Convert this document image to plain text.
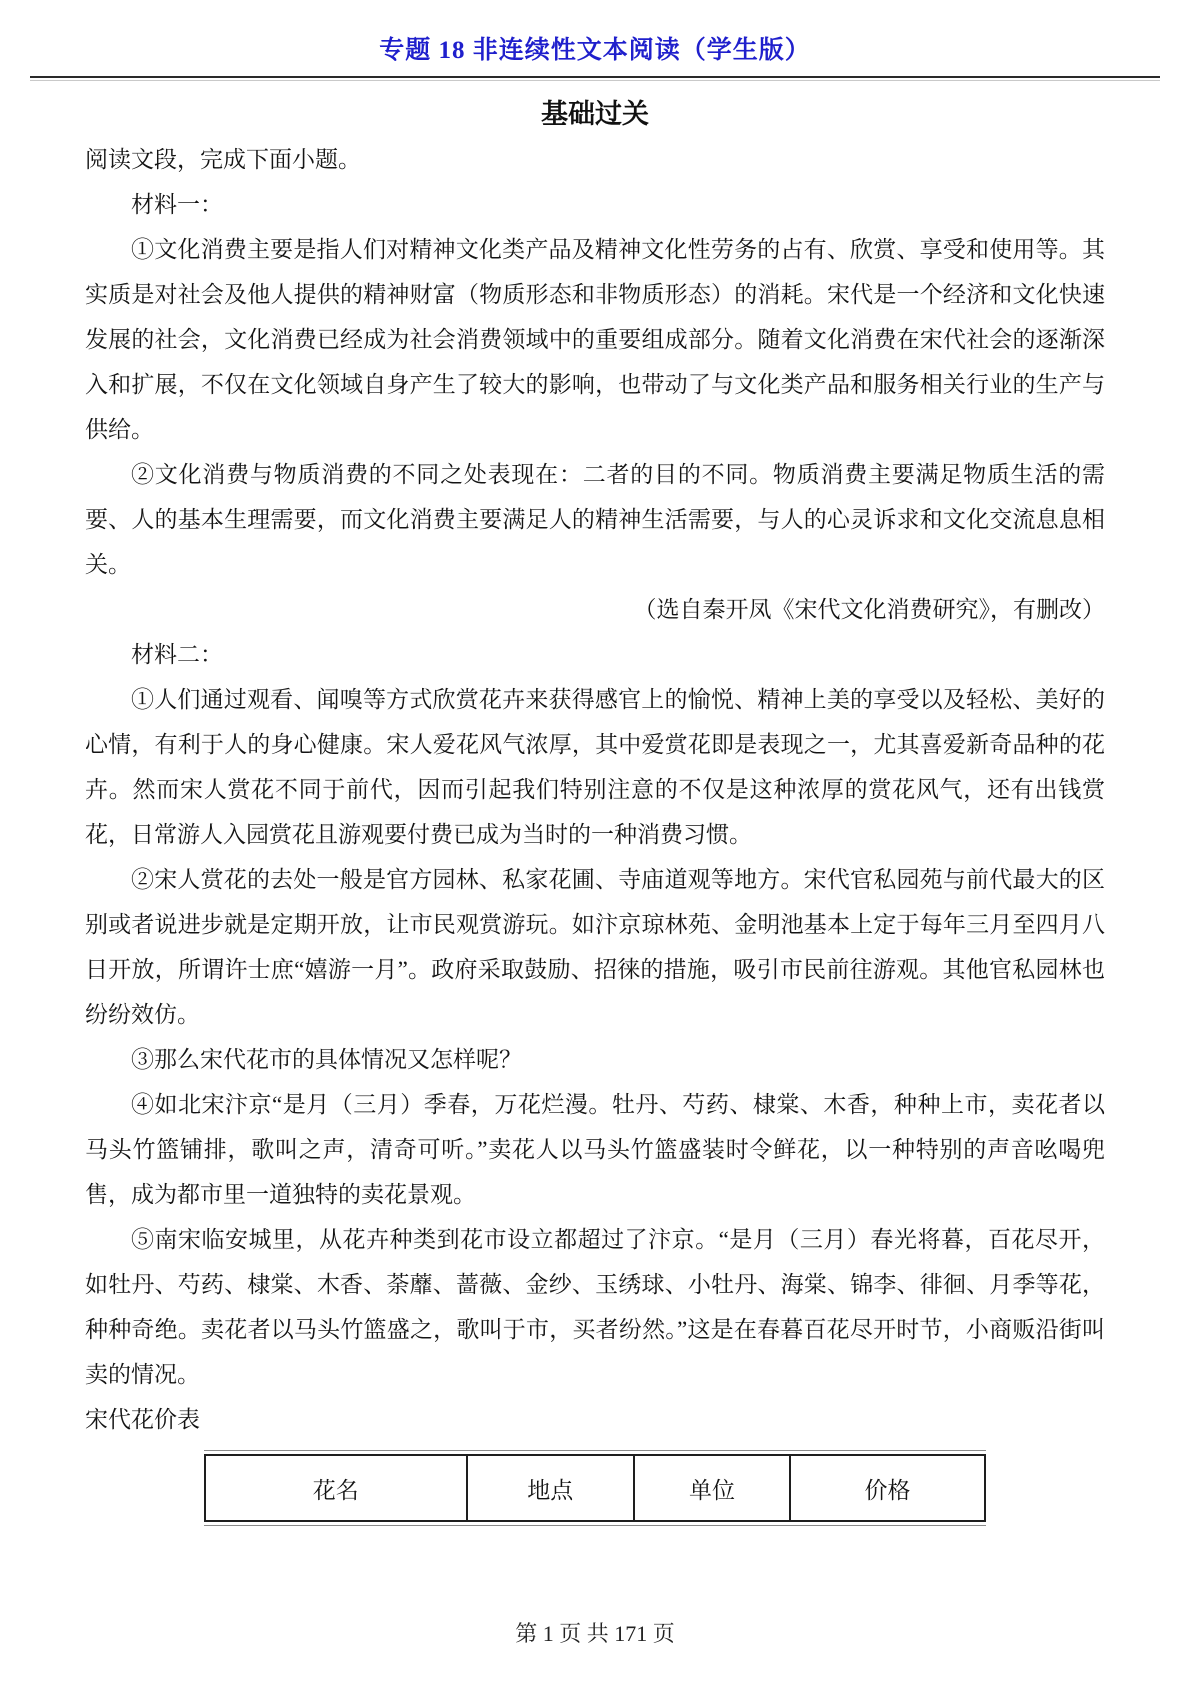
专题 18 非连续性文本阅读（学生版）
基础过关

阅读文段，完成下面小题。

材料一：

①文化消费主要是指人们对精神文化类产品及精神文化性劳务的占有、欣赏、享受和使用等。其实质是对社会及他人提供的精神财富（物质形态和非物质形态）的消耗。宋代是一个经济和文化快速发展的社会，文化消费已经成为社会消费领域中的重要组成部分。随着文化消费在宋代社会的逐渐深入和扩展，不仅在文化领域自身产生了较大的影响，也带动了与文化类产品和服务相关行业的生产与供给。

②文化消费与物质消费的不同之处表现在：二者的目的不同。物质消费主要满足物质生活的需要、人的基本生理需要，而文化消费主要满足人的精神生活需要，与人的心灵诉求和文化交流息息相关。

（选自秦开凤《宋代文化消费研究》，有删改）

材料二：

①人们通过观看、闻嗅等方式欣赏花卉来获得感官上的愉悦、精神上美的享受以及轻松、美好的心情，有利于人的身心健康。宋人爱花风气浓厚，其中爱赏花即是表现之一，尤其喜爱新奇品种的花卉。然而宋人赏花不同于前代，因而引起我们特别注意的不仅是这种浓厚的赏花风气，还有出钱赏花，日常游人入园赏花且游观要付费已成为当时的一种消费习惯。

②宋人赏花的去处一般是官方园林、私家花圃、寺庙道观等地方。宋代官私园苑与前代最大的区别或者说进步就是定期开放，让市民观赏游玩。如汴京琼林苑、金明池基本上定于每年三月至四月八日开放，所谓许士庶“嬉游一月”。政府采取鼓励、招徕的措施，吸引市民前往游观。其他官私园林也纷纷效仿。

③那么宋代花市的具体情况又怎样呢？

④如北宋汴京“是月（三月）季春，万花烂漫。牡丹、芍药、棣棠、木香，种种上市，卖花者以马头竹篮铺排，歌叫之声，清奇可听。”卖花人以马头竹篮盛装时令鲜花，以一种特别的声音吆喝兜售，成为都市里一道独特的卖花景观。

⑤南宋临安城里，从花卉种类到花市设立都超过了汴京。“是月（三月）春光将暮，百花尽开，如牡丹、芍药、棣棠、木香、荼蘼、蔷薇、金纱、玉绣球、小牡丹、海棠、锦李、徘徊、月季等花，种种奇绝。卖花者以马头竹篮盛之，歌叫于市，买者纷然。”这是在春暮百花尽开时节，小商贩沿街叫卖的情况。

宋代花价表

花名	地点	单位	价格
第 1 页 共 171 页
